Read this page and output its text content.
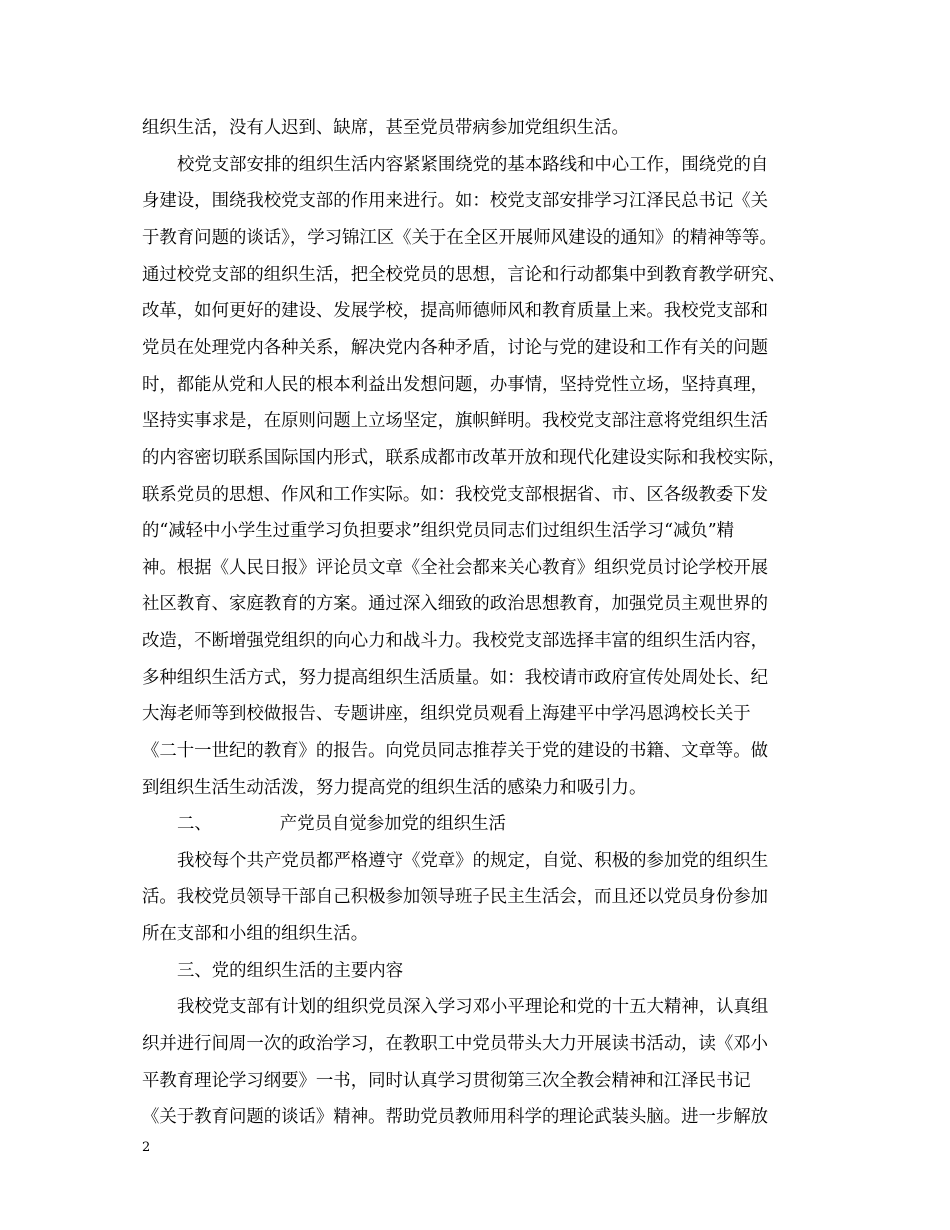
组织生活，没有人迟到、缺席，甚至党员带病参加党组织生活。
校党支部安排的组织生活内容紧紧围绕党的基本路线和中心工作，围绕党的自
身建设，围绕我校党支部的作用来进行。如：校党支部安排学习江泽民总书记《关
于教育问题的谈话》，学习锦江区《关于在全区开展师风建设的通知》的精神等等。
通过校党支部的组织生活，把全校党员的思想，言论和行动都集中到教育教学研究、
改革，如何更好的建设、发展学校，提高师德师风和教育质量上来。我校党支部和
党员在处理党内各种关系，解决党内各种矛盾，讨论与党的建设和工作有关的问题
时，都能从党和人民的根本利益出发想问题，办事情，坚持党性立场，坚持真理，
坚持实事求是，在原则问题上立场坚定，旗帜鲜明。我校党支部注意将党组织生活
的内容密切联系国际国内形式，联系成都市改革开放和现代化建设实际和我校实际，
联系党员的思想、作风和工作实际。如：我校党支部根据省、市、区各级教委下发
的“减轻中小学生过重学习负担要求”组织党员同志们过组织生活学习“减负”精
神。根据《人民日报》评论员文章《全社会都来关心教育》组织党员讨论学校开展
社区教育、家庭教育的方案。通过深入细致的政治思想教育，加强党员主观世界的
改造，不断增强党组织的向心力和战斗力。我校党支部选择丰富的组织生活内容，
多种组织生活方式，努力提高组织生活质量。如：我校请市政府宣传处周处长、纪
大海老师等到校做报告、专题讲座，组织党员观看上海建平中学冯恩鸿校长关于
《二十一世纪的教育》的报告。向党员同志推荐关于党的建设的书籍、文章等。做
到组织生活生动活泼，努力提高党的组织生活的感染力和吸引力。
二、	产党员自觉参加党的组织生活
我校每个共产党员都严格遵守《党章》的规定，自觉、积极的参加党的组织生
活。我校党员领导干部自己积极参加领导班子民主生活会，而且还以党员身份参加
所在支部和小组的组织生活。
三、党的组织生活的主要内容
我校党支部有计划的组织党员深入学习邓小平理论和党的十五大精神，认真组
织并进行间周一次的政治学习，在教职工中党员带头大力开展读书活动，读《邓小
平教育理论学习纲要》一书，同时认真学习贯彻第三次全教会精神和江泽民书记
《关于教育问题的谈话》精神。帮助党员教师用科学的理论武装头脑。进一步解放
2
